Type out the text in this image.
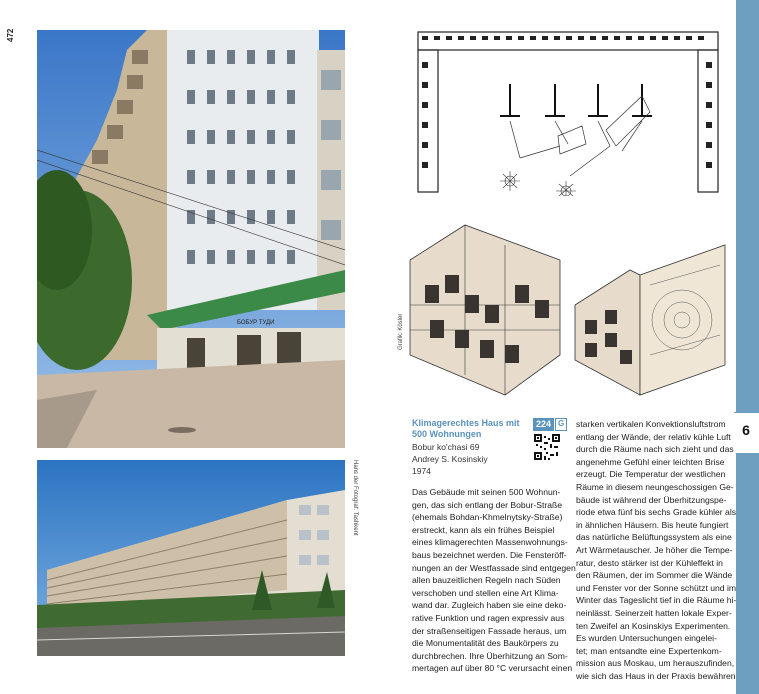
472
6
БОБУР ТУДИ
Hans der Fotograf: Tashkent
Grafik: Kösler
Klimagerechtes Haus mit
500 Wohnungen
Bobur ko'chasi 69
Andrey S. Kosinskiy
1974
224 G
Das Gebäude mit seinen 500 Wohnun-
gen, das sich entlang der Bobur-Straße
(ehemals Bohdan-Khmelnytsky-Straße)
erstreckt, kann als ein frühes Beispiel
eines klimagerechten Massenwohnungs-
baus bezeichnet werden. Die Fensteröff-
nungen an der Westfassade sind entgegen
allen bauzeitlichen Regeln nach Süden
verschoben und stellen eine Art Klima-
wand dar. Zugleich haben sie eine deko-
rative Funktion und ragen expressiv aus
der straßenseitigen Fassade heraus, um
die Monumentalität des Baukörpers zu
durchbrechen. Ihre Überhitzung an Som-
mertagen auf über 80 °C verursacht einen
starken vertikalen Konvektionsluftstrom
entlang der Wände, der relativ kühle Luft
durch die Räume nach sich zieht und das
angenehme Gefühl einer leichten Brise
erzeugt. Die Temperatur der westlichen
Räume in diesem neungeschossigen Ge-
bäude ist während der Überhitzungspe-
riode etwa fünf bis sechs Grade kühler als
in ähnlichen Häusern. Bis heute fungiert
das natürliche Belüftungssystem als eine
Art Wärmetauscher. Je höher die Tempe-
ratur, desto stärker ist der Kühleffekt in
den Räumen, der im Sommer die Wände
und Fenster vor der Sonne schützt und im
Winter das Tageslicht tief in die Räume hi-
neinlässt. Seinerzeit hatten lokale Exper-
ten Zweifel an Kosinskiys Experimenten.
Es wurden Untersuchungen eingelei-
tet; man entsandte eine Expertenkom-
mission aus Moskau, um herauszufinden,
wie sich das Haus in der Praxis bewähren
